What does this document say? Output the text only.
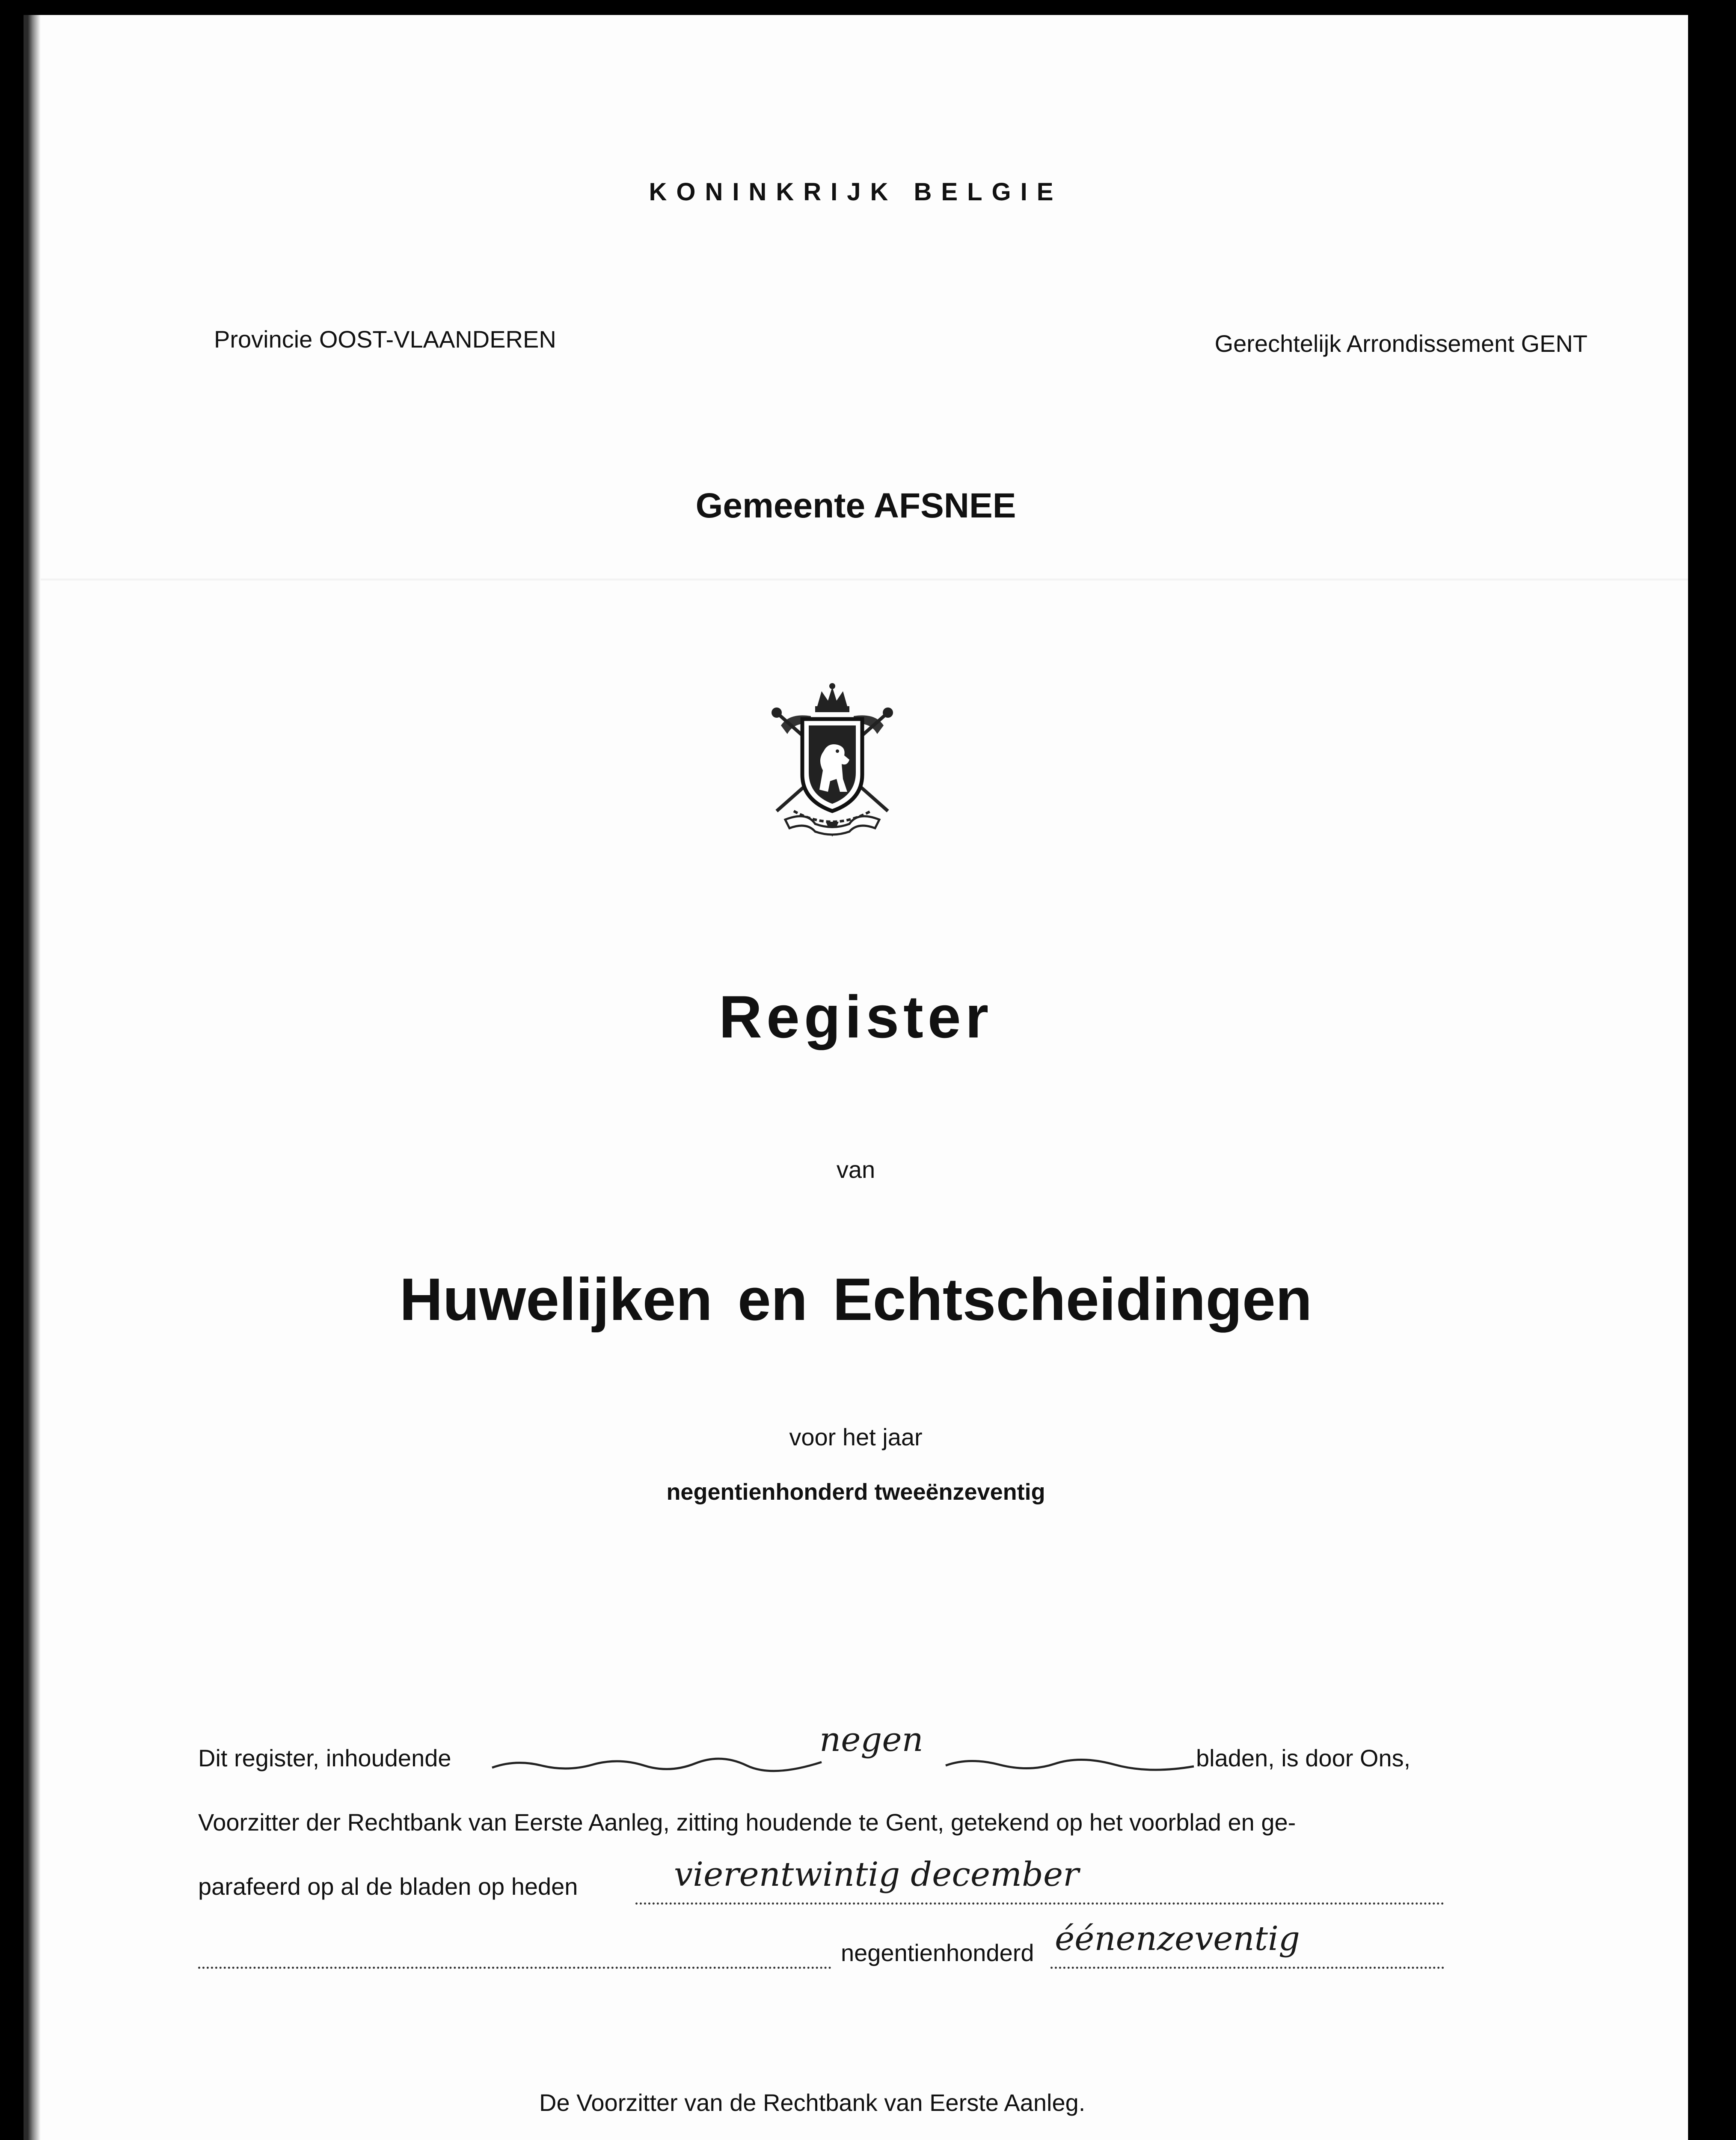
KONINKRIJK BELGIE
Provincie OOST-VLAANDEREN	Gerechtelijk Arrondissement GENT
Gemeente AFSNEE
Register
van
Huwelijken en Echtscheidingen
voor het jaar
negentienhonderd tweeënzeventig
Dit register, inhoudende	negen	bladen, is door Ons,
Voorzitter der Rechtbank van Eerste Aanleg, zitting houdende te Gent, getekend op het voorblad en ge-
parafeerd op al de bladen op heden	vierentwintig december
negentienhonderd éénenzeventig
De Voorzitter van de Rechtbank van Eerste Aanleg.
